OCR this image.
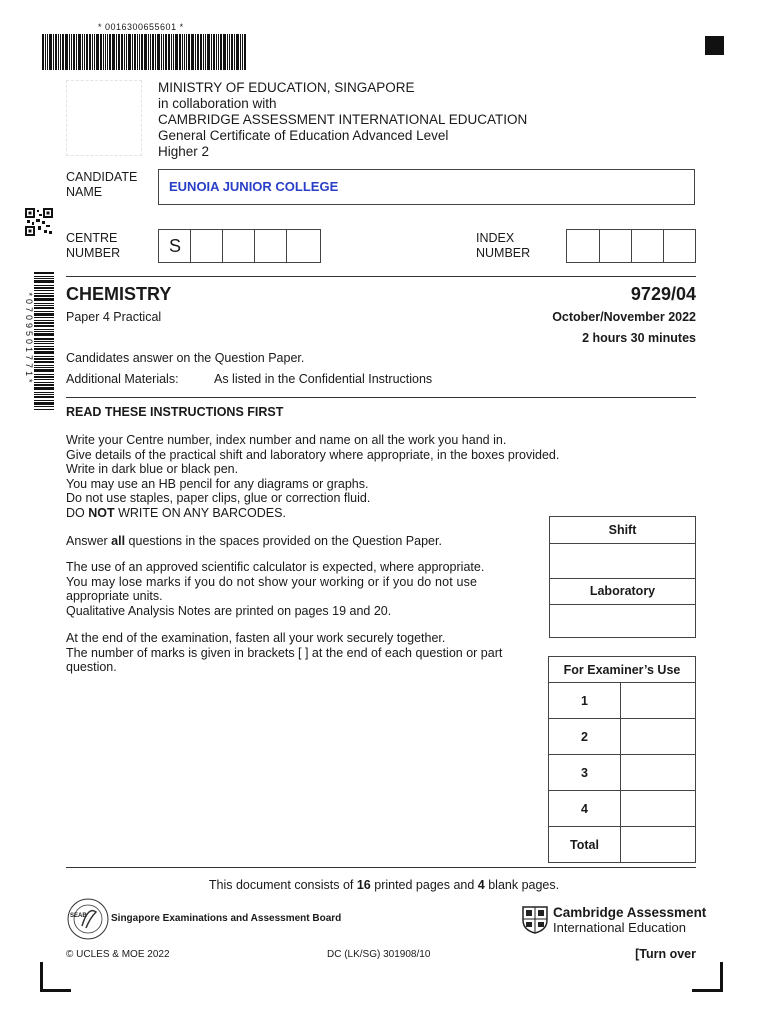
* 0016300655601 *
MINISTRY OF EDUCATION, SINGAPORE
in collaboration with
CAMBRIDGE ASSESSMENT INTERNATIONAL EDUCATION
General Certificate of Education Advanced Level
Higher 2
*0709501771*
CANDIDATE
NAME	EUNOIA JUNIOR COLLEGE
CENTRE
NUMBER	S	INDEX
NUMBER
CHEMISTRY	9729/04
Paper 4 Practical	October/November 2022
2 hours 30 minutes
Candidates answer on the Question Paper.
Additional Materials:	As listed in the Confidential Instructions
READ THESE INSTRUCTIONS FIRST

Write your Centre number, index number and name on all the work you hand in.

Give details of the practical shift and laboratory where appropriate, in the boxes provided.

Write in dark blue or black pen.

You may use an HB pencil for any diagrams or graphs.

Do not use staples, paper clips, glue or correction fluid.

DO NOT WRITE ON ANY BARCODES.

Answer all questions in the spaces provided on the Question Paper.

The use of an approved scientific calculator is expected, where appropriate.

You may lose marks if you do not show your working or if you do not use

appropriate units.

Qualitative Analysis Notes are printed on pages 19 and 20.

At the end of the examination, fasten all your work securely together.

The number of marks is given in brackets [ ] at the end of each question or part

question.

Shift
Laboratory
For Examiner’s Use	
1	
2	
3	
4	
Total	
This document consists of 16 printed pages and 4 blank pages.
SEAB Singapore Examinations and Assessment Board	Cambridge Assessment
International Education
© UCLES & MOE 2022	DC (LK/SG) 301908/10	[Turn over
